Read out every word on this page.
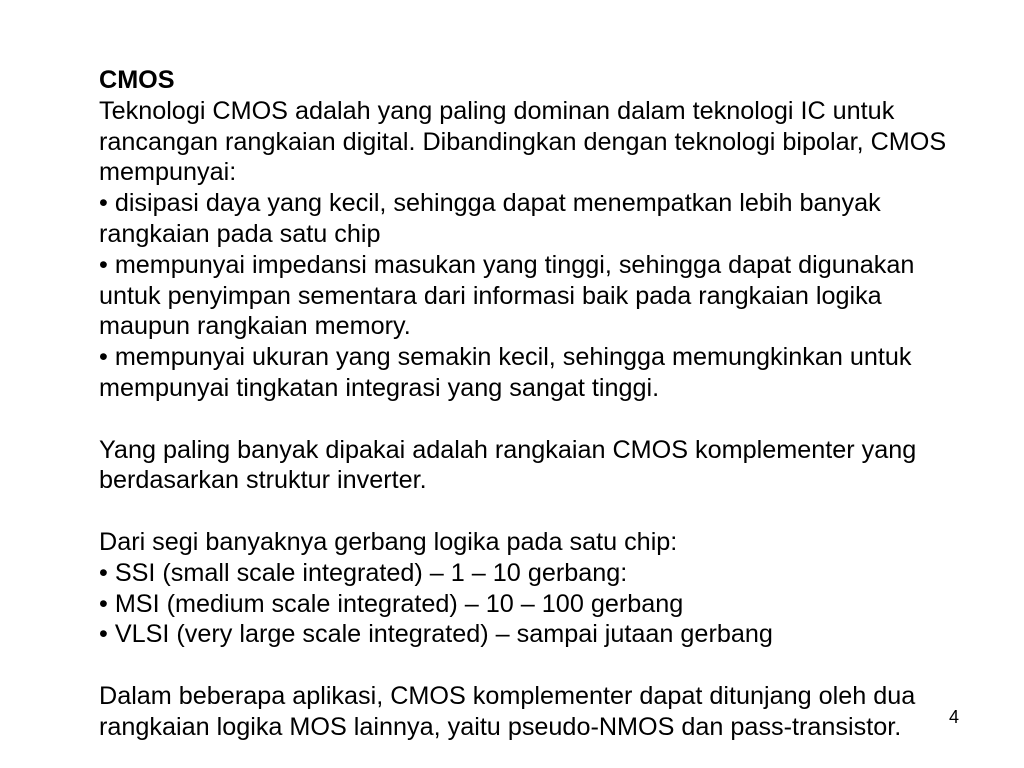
CMOS
Teknologi CMOS adalah yang paling dominan dalam teknologi IC untuk
rancangan rangkaian digital. Dibandingkan dengan teknologi bipolar, CMOS
mempunyai:
• disipasi daya yang kecil, sehingga dapat menempatkan lebih banyak
rangkaian pada satu chip
• mempunyai impedansi masukan yang tinggi, sehingga dapat digunakan
untuk penyimpan sementara dari informasi baik pada rangkaian logika
maupun rangkaian memory.
• mempunyai ukuran yang semakin kecil, sehingga memungkinkan untuk
mempunyai tingkatan integrasi yang sangat tinggi.
Yang paling banyak dipakai adalah rangkaian CMOS komplementer yang
berdasarkan struktur inverter.
Dari segi banyaknya gerbang logika pada satu chip:
• SSI (small scale integrated) – 1 – 10 gerbang:
• MSI (medium scale integrated) – 10 – 100 gerbang
• VLSI (very large scale integrated) – sampai jutaan gerbang
Dalam beberapa aplikasi, CMOS komplementer dapat ditunjang oleh dua
rangkaian logika MOS lainnya, yaitu pseudo-NMOS dan pass-transistor.	4
